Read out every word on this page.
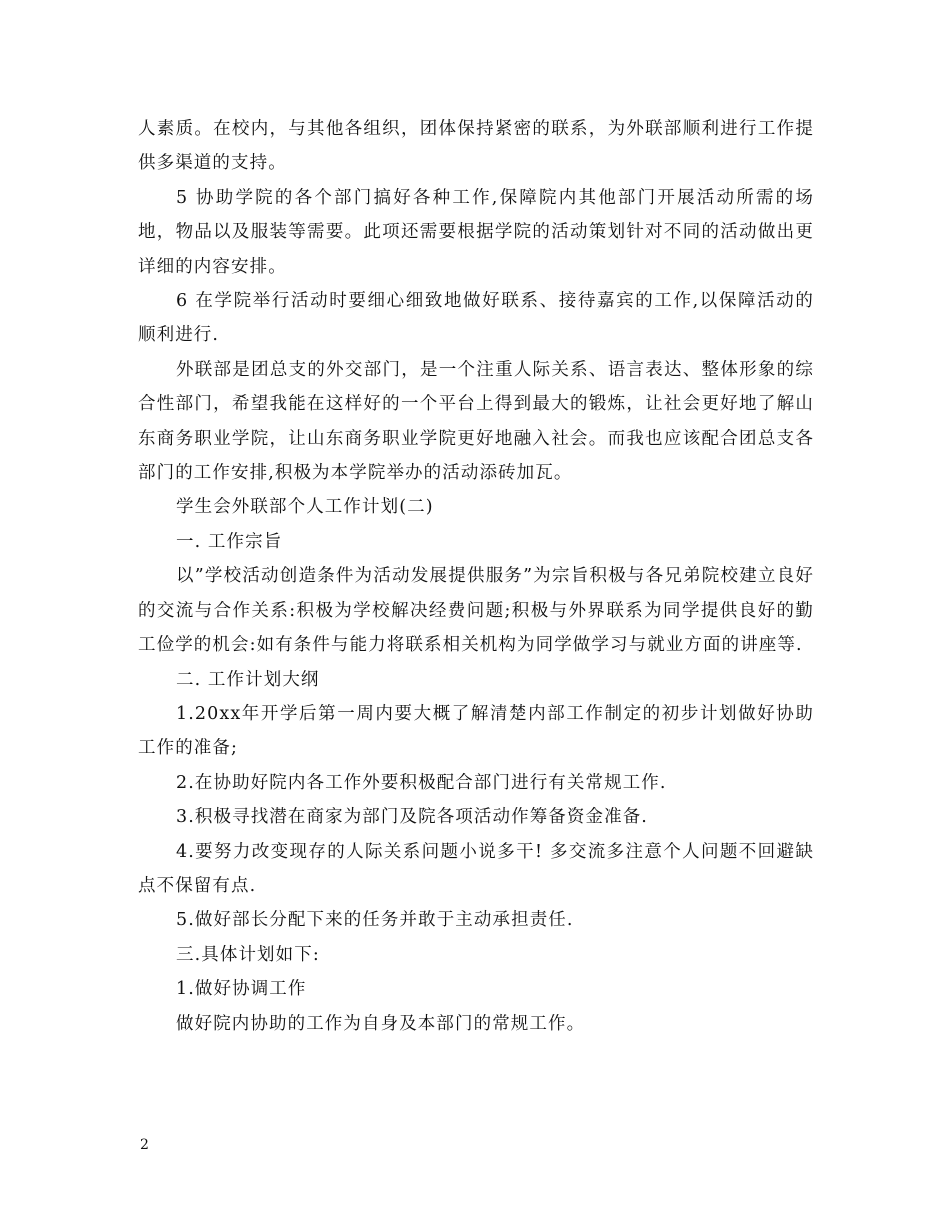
人素质。在校内，与其他各组织，团体保持紧密的联系，为外联部顺利进行工作提供多渠道的支持。

5 协助学院的各个部门搞好各种工作,保障院内其他部门开展活动所需的场地，物品以及服装等需要。此项还需要根据学院的活动策划针对不同的活动做出更详细的内容安排。

6 在学院举行活动时要细心细致地做好联系、接待嘉宾的工作,以保障活动的顺利进行.

外联部是团总支的外交部门，是一个注重人际关系、语言表达、整体形象的综合性部门，希望我能在这样好的一个平台上得到最大的锻炼，让社会更好地了解山东商务职业学院，让山东商务职业学院更好地融入社会。而我也应该配合团总支各部门的工作安排,积极为本学院举办的活动添砖加瓦。

学生会外联部个人工作计划(二)

一. 工作宗旨

以”学校活动创造条件为活动发展提供服务”为宗旨积极与各兄弟院校建立良好的交流与合作关系:积极为学校解决经费问题;积极与外界联系为同学提供良好的勤工俭学的机会:如有条件与能力将联系相关机构为同学做学习与就业方面的讲座等.

二. 工作计划大纲

1.20xx年开学后第一周内要大概了解清楚内部工作制定的初步计划做好协助工作的准备;

2.在协助好院内各工作外要积极配合部门进行有关常规工作.

3.积极寻找潜在商家为部门及院各项活动作筹备资金准备.

4.要努力改变现存的人际关系问题小说多干! 多交流多注意个人问题不回避缺点不保留有点.

5.做好部长分配下来的任务并敢于主动承担责任.

三.具体计划如下:

1.做好协调工作

做好院内协助的工作为自身及本部门的常规工作。

2
